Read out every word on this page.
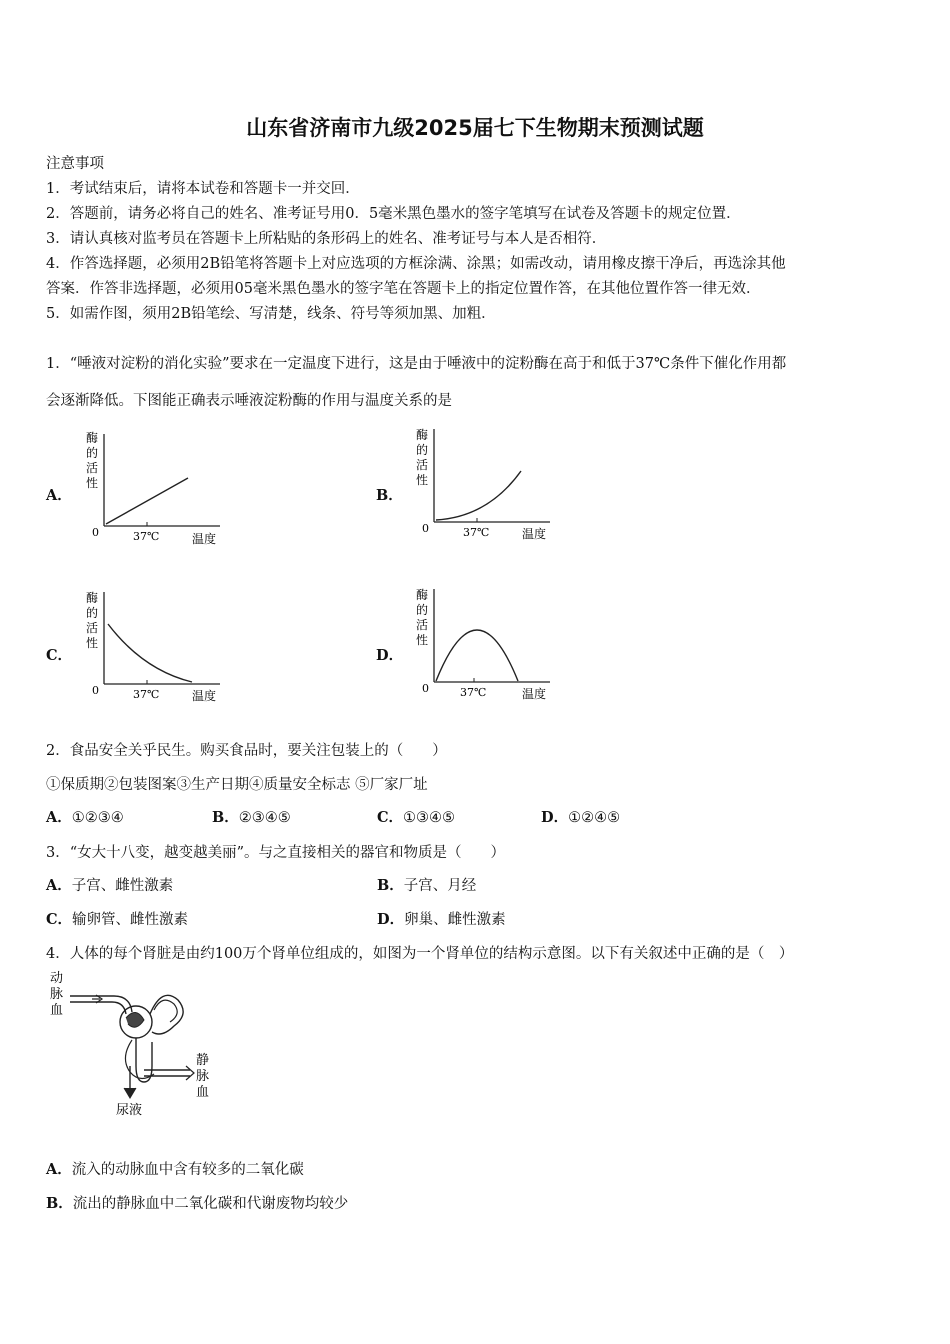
山东省济南市九级2025届七下生物期末预测试题
注意事项
1．考试结束后，请将本试卷和答题卡一并交回．
2．答题前，请务必将自己的姓名、准考证号用0．5毫米黑色墨水的签字笔填写在试卷及答题卡的规定位置．
3．请认真核对监考员在答题卡上所粘贴的条形码上的姓名、准考证号与本人是否相符．
4．作答选择题，必须用2B铅笔将答题卡上对应选项的方框涂满、涂黑；如需改动，请用橡皮擦干净后，再选涂其他
答案．作答非选择题，必须用05毫米黑色墨水的签字笔在答题卡上的指定位置作答，在其他位置作答一律无效．
5．如需作图，须用2B铅笔绘、写清楚，线条、符号等须加黑、加粗．
1．“唾液对淀粉的消化实验”要求在一定温度下进行，这是由于唾液中的淀粉酶在高于和低于37℃条件下催化作用都
会逐渐降低。下图能正确表示唾液淀粉酶的作用与温度关系的是
A．
酶
的
活
性
0	37℃	温度
B．
酶
的
活
性
0	37℃	温度
C．
酶
的
活
性
0	37℃	温度
D．
酶
的
活
性
0	37℃	温度
2．食品安全关乎民生。购买食品时，要关注包装上的（　　）
①保质期②包装图案③生产日期④质量安全标志 ⑤厂家厂址
A．①②③④	B．②③④⑤	C．①③④⑤	D．①②④⑤
3．“女大十八变，越变越美丽”。与之直接相关的器官和物质是（　　）
A．子宫、雌性激素	B．子宫、月经
C．输卵管、雌性激素	D．卵巢、雌性激素
4．人体的每个肾脏是由约100万个肾单位组成的，如图为一个肾单位的结构示意图。以下有关叙述中正确的是（　）
动
脉
血
静
脉
血
尿液
A．流入的动脉血中含有较多的二氧化碳
B．流出的静脉血中二氧化碳和代谢废物均较少
